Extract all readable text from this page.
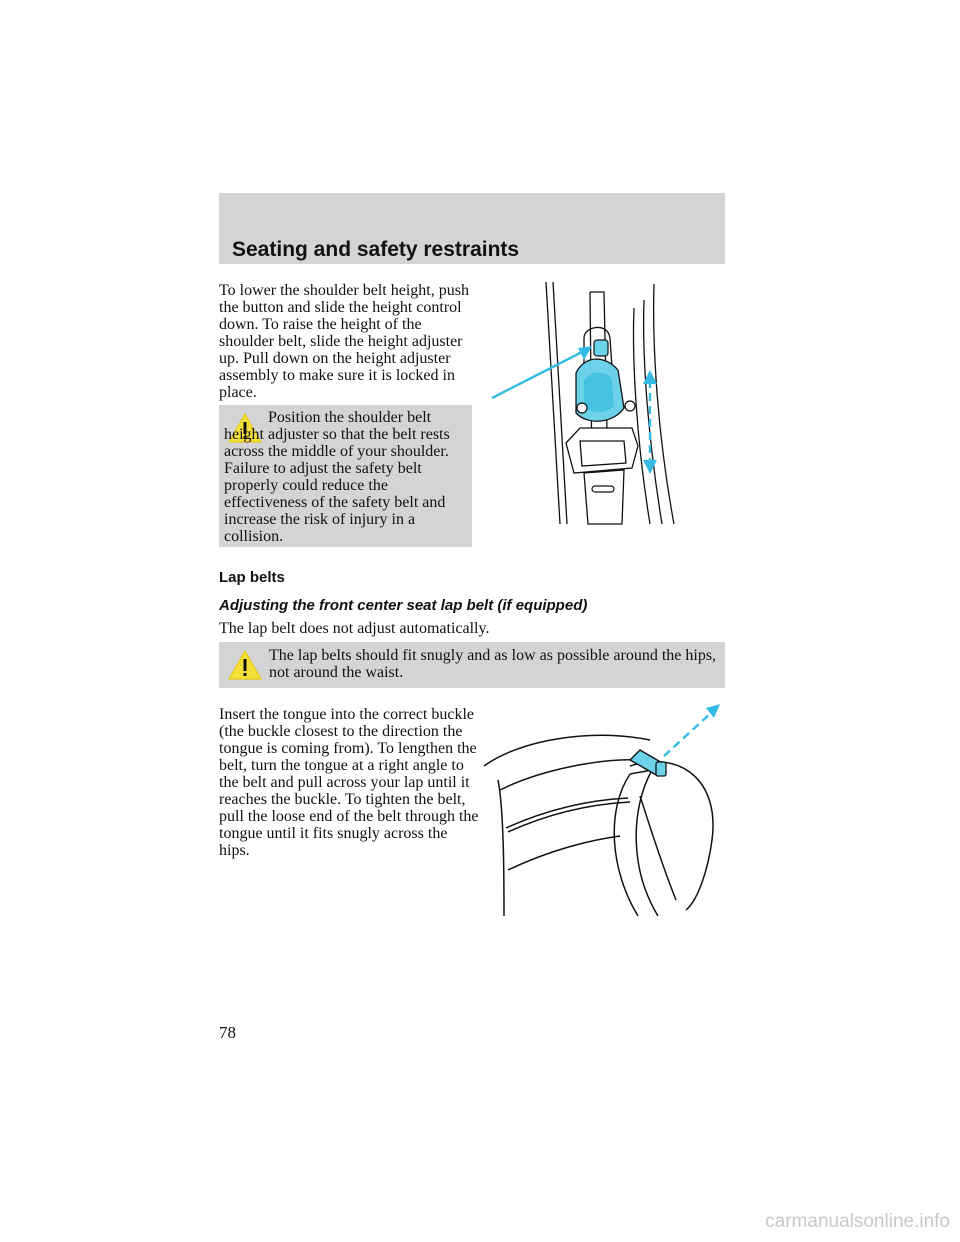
Seating and safety restraints

To lower the shoulder belt height, push the button and slide the height control down. To raise the height of the shoulder belt, slide the height adjuster up. Pull down on the height adjuster assembly to make sure it is locked in place.

Position the shoulder belt height adjuster so that the belt rests across the middle of your shoulder. Failure to adjust the safety belt properly could reduce the effectiveness of the safety belt and increase the risk of injury in a collision.

Lap belts
Adjusting the front center seat lap belt (if equipped)

The lap belt does not adjust automatically.

The lap belts should fit snugly and as low as possible around the hips, not around the waist.

Insert the tongue into the correct buckle (the buckle closest to the direction the tongue is coming from). To lengthen the belt, turn the tongue at a right angle to the belt and pull across your lap until it reaches the buckle. To tighten the belt, pull the loose end of the belt through the tongue until it fits snugly across the hips.

78

carmanualsonline.info
